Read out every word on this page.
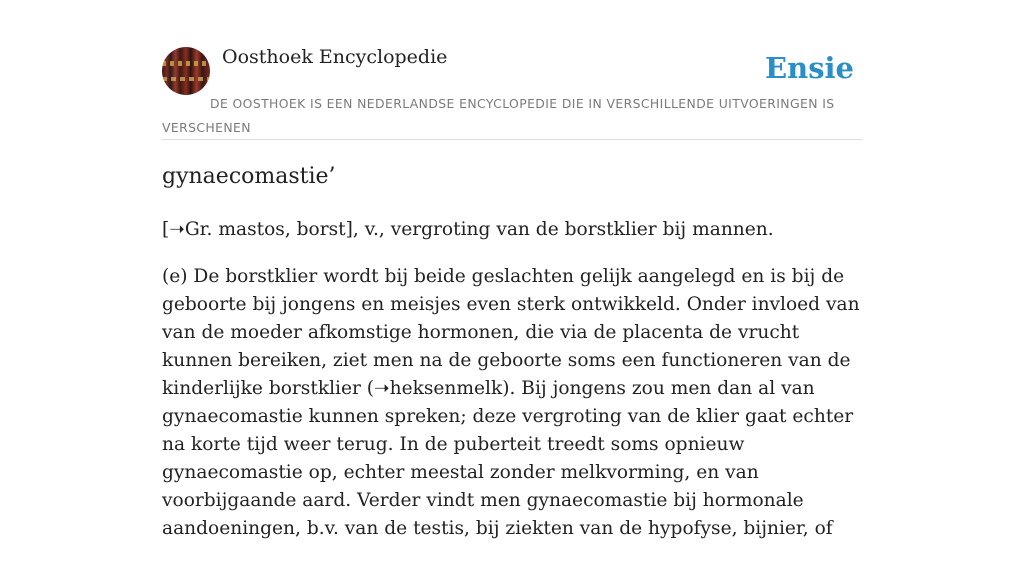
Oosthoek Encyclopedie	Ensie
DE OOSTHOEK IS EEN NEDERLANDSE ENCYCLOPEDIE DIE IN VERSCHILLENDE UITVOERINGEN IS VERSCHENEN
gynaecomastie’

[➝Gr. mastos, borst], v., vergroting van de borstklier bij mannen.

(e) De borstklier wordt bij beide geslachten gelijk aangelegd en is bij de geboorte bij jongens en meisjes even sterk ontwikkeld. Onder invloed van van de moeder afkomstige hormonen, die via de placenta de vrucht kunnen bereiken, ziet men na de geboorte soms een functioneren van de kinderlijke borstklier (➝heksenmelk). Bij jongens zou men dan al van gynaecomastie kunnen spreken; deze vergroting van de klier gaat echter na korte tijd weer terug. In de puberteit treedt soms opnieuw gynaecomastie op, echter meestal zonder melkvorming, en van voorbijgaande aard. Verder vindt men gynaecomastie bij hormonale aandoeningen, b.v. van de testis, bij ziekten van de hypofyse, bijnier, of
